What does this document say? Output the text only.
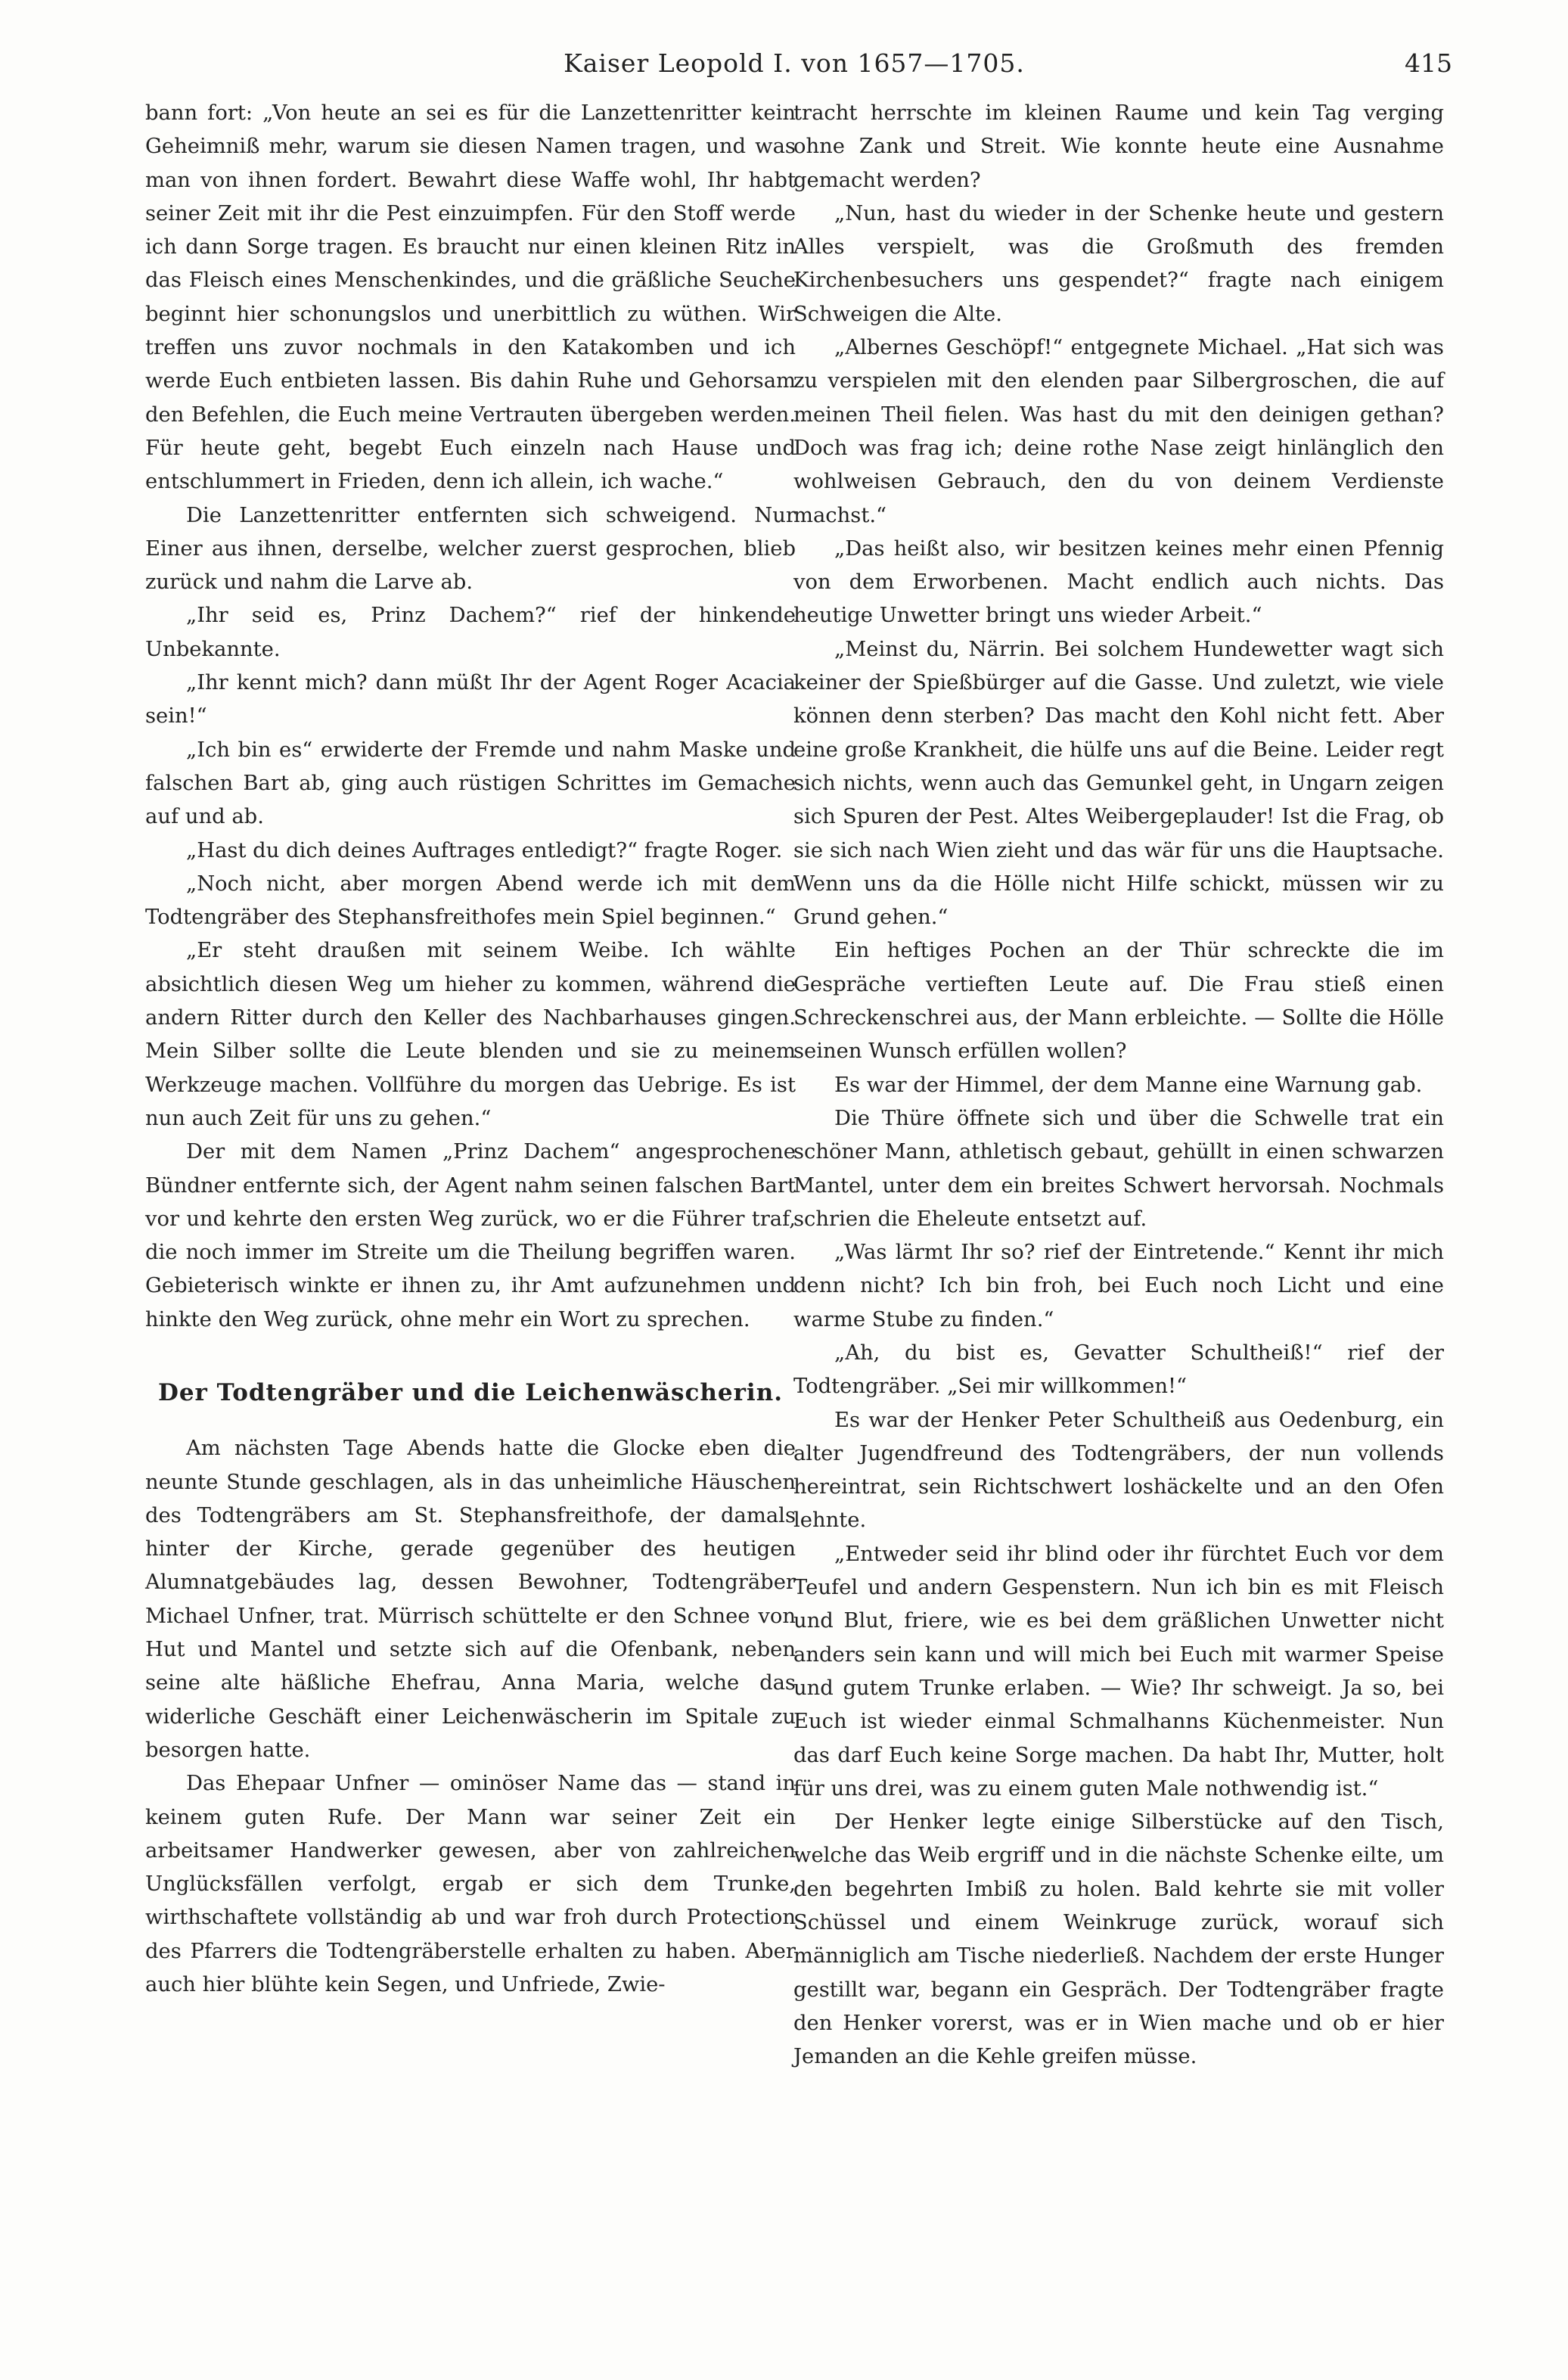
Kaiser Leopold I. von 1657—1705.	415

bann fort: „Von heute an sei es für die Lanzettenritter kein Geheimniß mehr, warum sie diesen Namen tragen, und was man von ihnen fordert. Bewahrt diese Waffe wohl, Ihr habt seiner Zeit mit ihr die Pest einzuimpfen. Für den Stoff werde ich dann Sorge tragen. Es braucht nur einen kleinen Ritz in das Fleisch eines Menschenkindes, und die gräßliche Seuche beginnt hier schonungslos und unerbittlich zu wüthen. Wir treffen uns zuvor nochmals in den Katakomben und ich werde Euch entbieten lassen. Bis dahin Ruhe und Gehorsam den Befehlen, die Euch meine Vertrauten übergeben werden. Für heute geht, begebt Euch einzeln nach Hause und entschlummert in Frieden, denn ich allein, ich wache.“

Die Lanzettenritter entfernten sich schweigend. Nur Einer aus ihnen, derselbe, welcher zuerst gesprochen, blieb zurück und nahm die Larve ab.

„Ihr seid es, Prinz Dachem?“ rief der hinkende Unbekannte.

„Ihr kennt mich? dann müßt Ihr der Agent Roger Acacia sein!“

„Ich bin es“ erwiderte der Fremde und nahm Maske und falschen Bart ab, ging auch rüstigen Schrittes im Gemache auf und ab.

„Hast du dich deines Auftrages entledigt?“ fragte Roger.

„Noch nicht, aber morgen Abend werde ich mit dem Todtengräber des Stephansfreithofes mein Spiel beginnen.“

„Er steht draußen mit seinem Weibe. Ich wählte absichtlich diesen Weg um hieher zu kommen, während die andern Ritter durch den Keller des Nachbarhauses gingen. Mein Silber sollte die Leute blenden und sie zu meinem Werkzeuge machen. Vollführe du morgen das Uebrige. Es ist nun auch Zeit für uns zu gehen.“

Der mit dem Namen „Prinz Dachem“ angesprochene Bündner entfernte sich, der Agent nahm seinen falschen Bart vor und kehrte den ersten Weg zurück, wo er die Führer traf, die noch immer im Streite um die Theilung begriffen waren. Gebieterisch winkte er ihnen zu, ihr Amt aufzunehmen und hinkte den Weg zurück, ohne mehr ein Wort zu sprechen.

Der Todtengräber und die Leichenwäscherin.

Am nächsten Tage Abends hatte die Glocke eben die neunte Stunde geschlagen, als in das unheimliche Häuschen des Todtengräbers am St. Stephansfreithofe, der damals hinter der Kirche, gerade gegenüber des heutigen Alumnatgebäudes lag, dessen Bewohner, Todtengräber Michael Unfner, trat. Mürrisch schüttelte er den Schnee von Hut und Mantel und setzte sich auf die Ofenbank, neben seine alte häßliche Ehefrau, Anna Maria, welche das widerliche Geschäft einer Leichenwäscherin im Spitale zu besorgen hatte.

Das Ehepaar Unfner — ominöser Name das — stand in keinem guten Rufe. Der Mann war seiner Zeit ein arbeitsamer Handwerker gewesen, aber von zahlreichen Unglücksfällen verfolgt, ergab er sich dem Trunke, wirthschaftete vollständig ab und war froh durch Protection des Pfarrers die Todtengräberstelle erhalten zu haben. Aber auch hier blühte kein Segen, und Unfriede, Zwie-

tracht herrschte im kleinen Raume und kein Tag verging ohne Zank und Streit. Wie konnte heute eine Ausnahme gemacht werden?

„Nun, hast du wieder in der Schenke heute und gestern Alles verspielt, was die Großmuth des fremden Kirchenbesuchers uns gespendet?“ fragte nach einigem Schweigen die Alte.

„Albernes Geschöpf!“ entgegnete Michael. „Hat sich was zu verspielen mit den elenden paar Silbergroschen, die auf meinen Theil fielen. Was hast du mit den deinigen gethan? Doch was frag ich; deine rothe Nase zeigt hinlänglich den wohlweisen Gebrauch, den du von deinem Verdienste machst.“

„Das heißt also, wir besitzen keines mehr einen Pfennig von dem Erworbenen. Macht endlich auch nichts. Das heutige Unwetter bringt uns wieder Arbeit.“

„Meinst du, Närrin. Bei solchem Hundewetter wagt sich keiner der Spießbürger auf die Gasse. Und zuletzt, wie viele können denn sterben? Das macht den Kohl nicht fett. Aber eine große Krankheit, die hülfe uns auf die Beine. Leider regt sich nichts, wenn auch das Gemunkel geht, in Ungarn zeigen sich Spuren der Pest. Altes Weibergeplauder! Ist die Frag, ob sie sich nach Wien zieht und das wär für uns die Hauptsache. Wenn uns da die Hölle nicht Hilfe schickt, müssen wir zu Grund gehen.“

Ein heftiges Pochen an der Thür schreckte die im Gespräche vertieften Leute auf. Die Frau stieß einen Schreckenschrei aus, der Mann erbleichte. — Sollte die Hölle seinen Wunsch erfüllen wollen?

Es war der Himmel, der dem Manne eine Warnung gab.

Die Thüre öffnete sich und über die Schwelle trat ein schöner Mann, athletisch gebaut, gehüllt in einen schwarzen Mantel, unter dem ein breites Schwert hervorsah. Nochmals schrien die Eheleute entsetzt auf.

„Was lärmt Ihr so? rief der Eintretende.“ Kennt ihr mich denn nicht? Ich bin froh, bei Euch noch Licht und eine warme Stube zu finden.“

„Ah, du bist es, Gevatter Schultheiß!“ rief der Todtengräber. „Sei mir willkommen!“

Es war der Henker Peter Schultheiß aus Oedenburg, ein alter Jugendfreund des Todtengräbers, der nun vollends hereintrat, sein Richtschwert loshäckelte und an den Ofen lehnte.

„Entweder seid ihr blind oder ihr fürchtet Euch vor dem Teufel und andern Gespenstern. Nun ich bin es mit Fleisch und Blut, friere, wie es bei dem gräßlichen Unwetter nicht anders sein kann und will mich bei Euch mit warmer Speise und gutem Trunke erlaben. — Wie? Ihr schweigt. Ja so, bei Euch ist wieder einmal Schmalhanns Küchenmeister. Nun das darf Euch keine Sorge machen. Da habt Ihr, Mutter, holt für uns drei, was zu einem guten Male nothwendig ist.“

Der Henker legte einige Silberstücke auf den Tisch, welche das Weib ergriff und in die nächste Schenke eilte, um den begehrten Imbiß zu holen. Bald kehrte sie mit voller Schüssel und einem Weinkruge zurück, worauf sich männiglich am Tische niederließ. Nachdem der erste Hunger gestillt war, begann ein Gespräch. Der Todtengräber fragte den Henker vorerst, was er in Wien mache und ob er hier Jemanden an die Kehle greifen müsse.
